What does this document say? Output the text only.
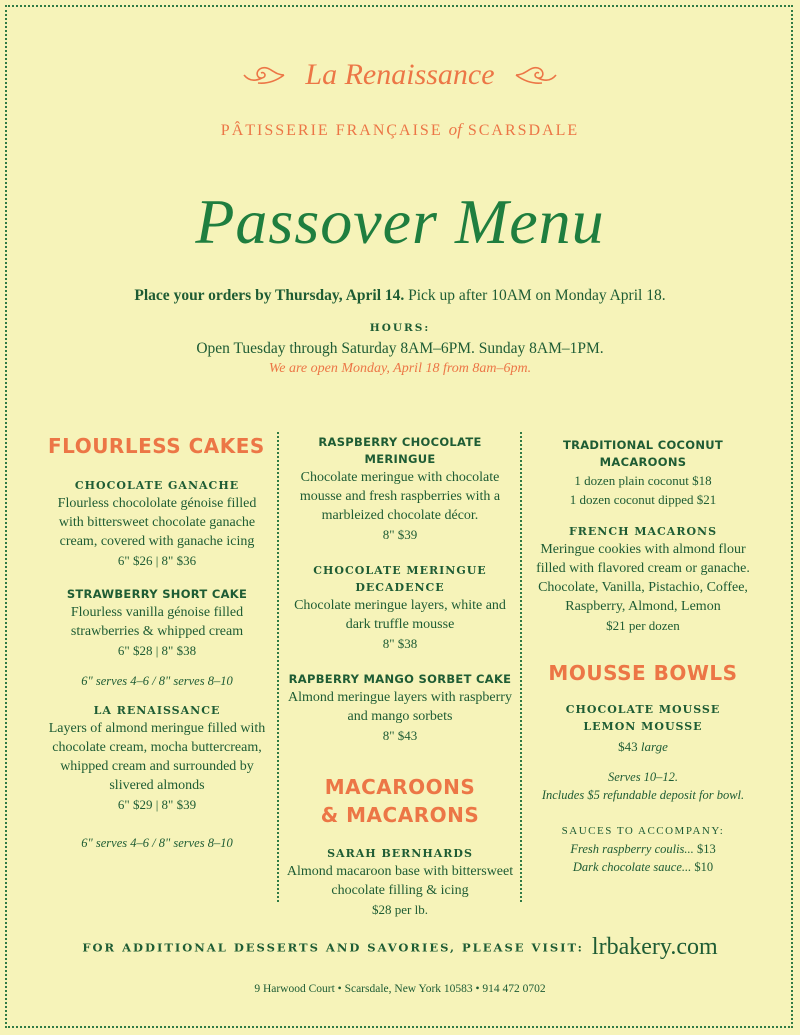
La Renaissance
PÂTISSERIE FRANÇAISE of SCARSDALE
Passover Menu
Place your orders by Thursday, April 14. Pick up after 10AM on Monday April 18.
HOURS:
Open Tuesday through Saturday 8AM–6PM. Sunday 8AM–1PM.
We are open Monday, April 18 from 8am–6pm.
FLOURLESS CAKES
CHOCOLATE GANACHE
Flourless chocololate génoise filled with bittersweet chocolate ganache cream, covered with ganache icing
6" $26 | 8" $36
STRAWBERRY SHORT CAKE
Flourless vanilla génoise filled strawberries & whipped cream
6" $28 | 8" $38
6" serves 4–6 / 8" serves 8–10
LA RENAISSANCE
Layers of almond meringue filled with chocolate cream, mocha buttercream, whipped cream and surrounded by slivered almonds
6" $29 | 8" $39
6" serves 4–6 / 8" serves 8–10
RASPBERRY CHOCOLATE MERINGUE
Chocolate meringue with chocolate mousse and fresh raspberries with a marbleized chocolate décor.
8" $39
CHOCOLATE MERINGUE DECADENCE
Chocolate meringue layers, white and dark truffle mousse
8" $38
RAPBERRY MANGO SORBET CAKE
Almond meringue layers with raspberry and mango sorbets
8" $43
MACAROONS
& MACARONS
SARAH BERNHARDS
Almond macaroon base with bittersweet chocolate filling & icing
$28 per lb.
TRADITIONAL COCONUT MACAROONS
1 dozen plain coconut $18
1 dozen coconut dipped $21
FRENCH MACARONS
Meringue cookies with almond flour filled with flavored cream or ganache. Chocolate, Vanilla, Pistachio, Coffee, Raspberry, Almond, Lemon
$21 per dozen
MOUSSE BOWLS
CHOCOLATE MOUSSE
LEMON MOUSSE
$43 large
Serves 10–12.
Includes $5 refundable deposit for bowl.
SAUCES TO ACCOMPANY:
Fresh raspberry coulis... $13
Dark chocolate sauce... $10
FOR ADDITIONAL DESSERTS AND SAVORIES, PLEASE VISIT: lrbakery.com
9 Harwood Court • Scarsdale, New York 10583 • 914 472 0702
